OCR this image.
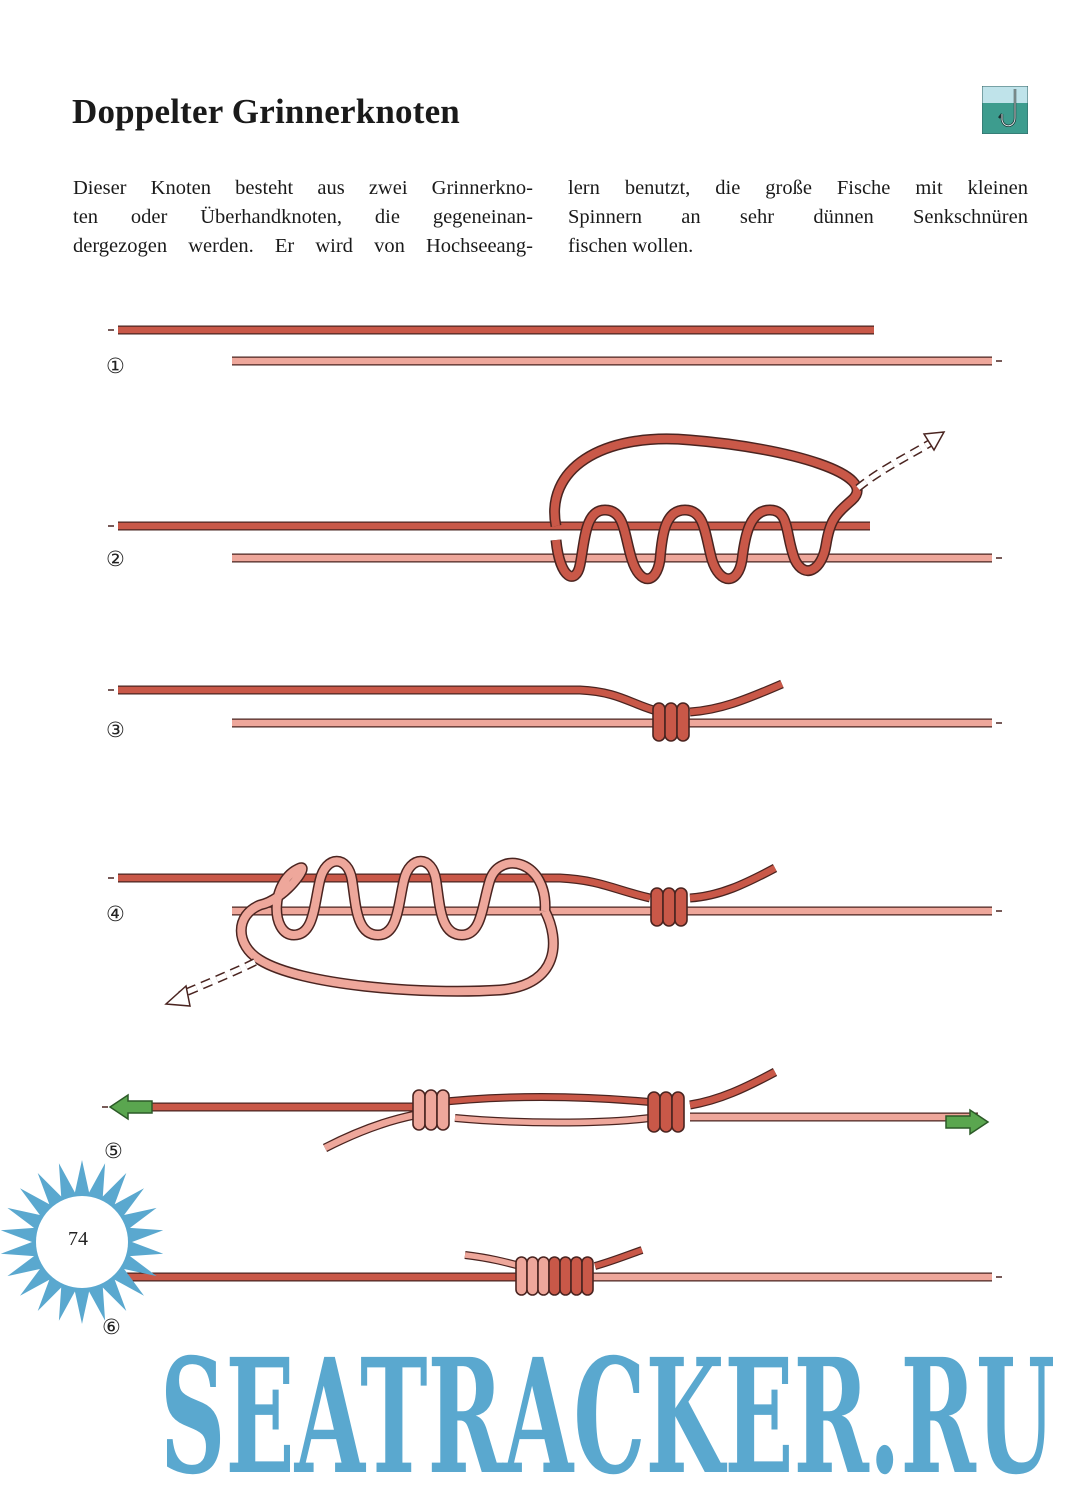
Doppelter Grinnerknoten
Dieser Knoten besteht aus zwei Grinnerkno-
ten oder Überhandknoten, die gegeneinan-
dergezogen werden. Er wird von Hochseeang-
lern benutzt, die große Fische mit kleinen
Spinnern an sehr dünnen Senkschnüren
fischen wollen.
①
②
③
④
⑤
⑥
74
SEATRACKER.RU
